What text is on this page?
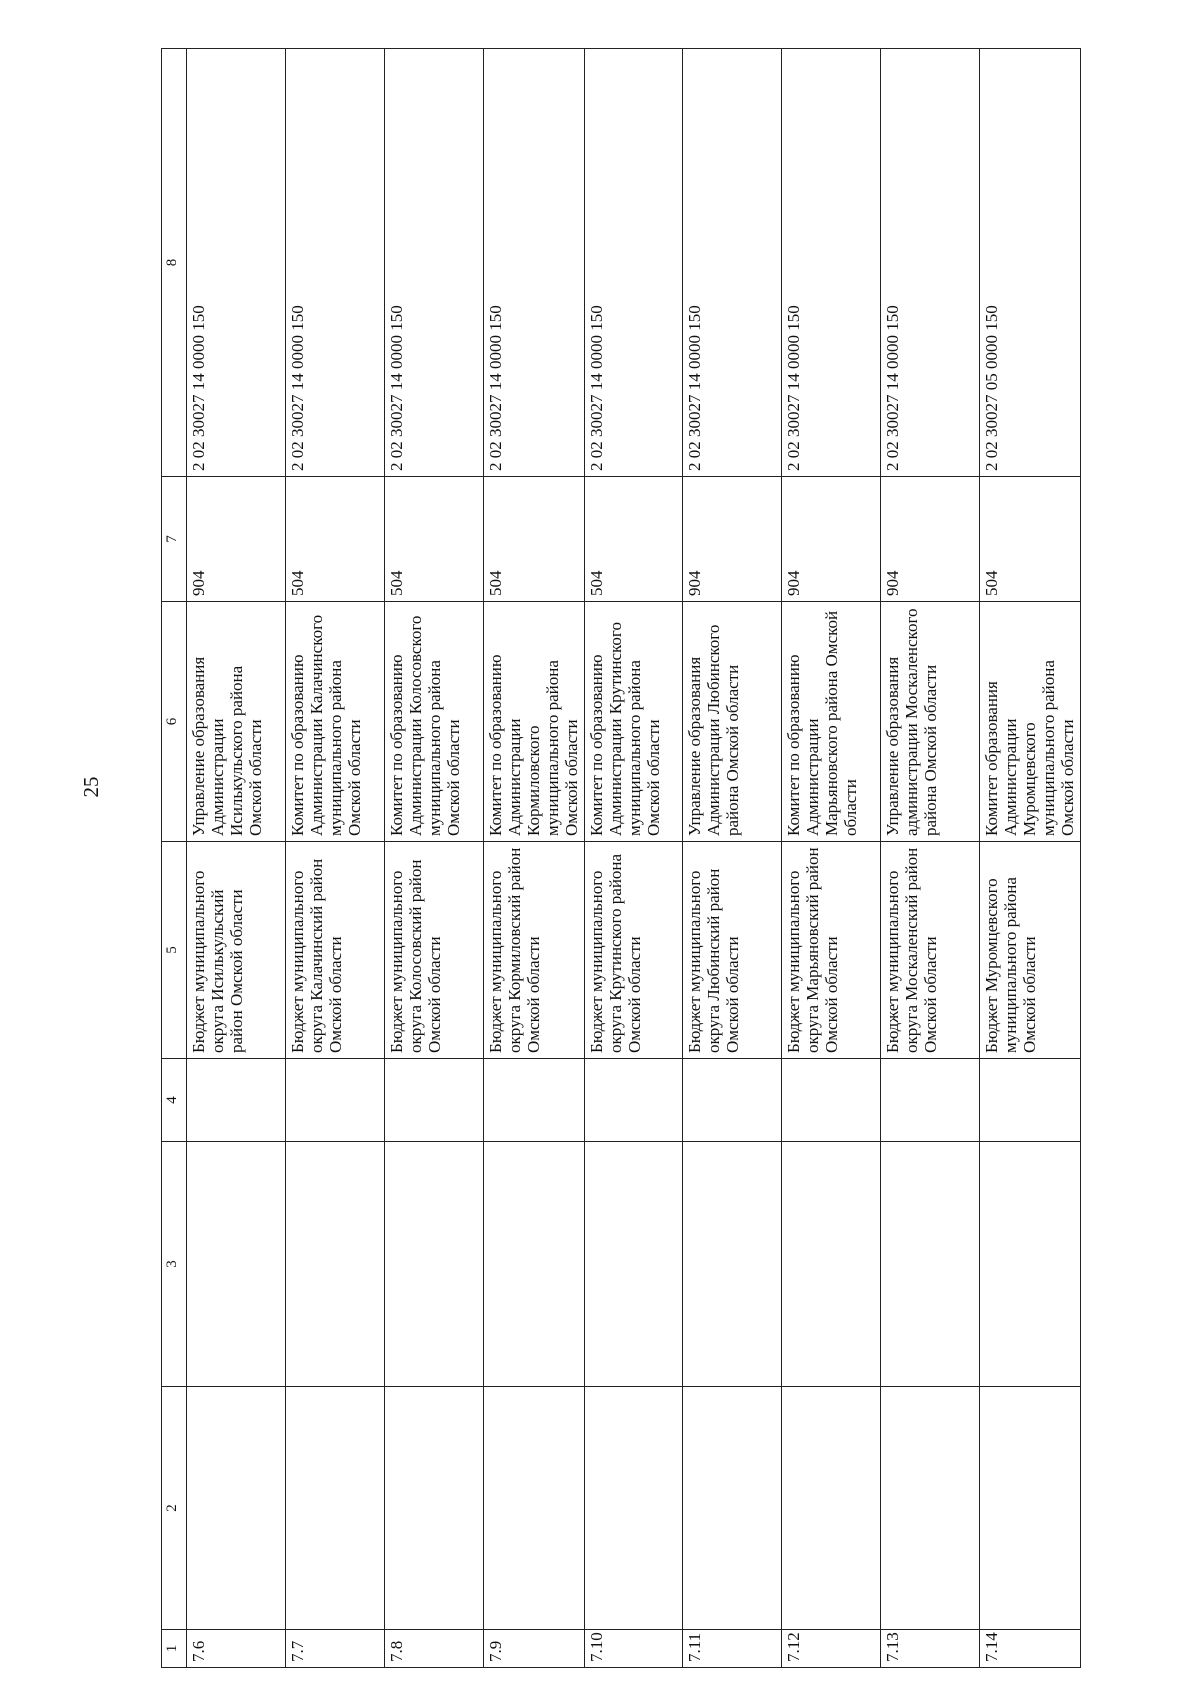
25
1	2	3	4	5	6	7	8
7.6				Бюджет муниципального округа Исилькульский район Омской области	Управление образования Администрации Исилькульского района Омской области	904	2 02 30027 14 0000 150
7.7				Бюджет муниципального округа Калачинский район Омской области	Комитет по образованию Администрации Калачинского муниципального района Омской области	504	2 02 30027 14 0000 150
7.8				Бюджет муниципального округа Колосовский район Омской области	Комитет по образованию Администрации Колосовского муниципального района Омской области	504	2 02 30027 14 0000 150
7.9				Бюджет муниципального округа Кормиловский район Омской области	Комитет по образованию Администрации Кормиловского муниципального района Омской области	504	2 02 30027 14 0000 150
7.10				Бюджет муниципального округа Крутинского района Омской области	Комитет по образованию Администрации Крутинского муниципального района Омской области	504	2 02 30027 14 0000 150
7.11				Бюджет муниципального округа Любинский район Омской области	Управление образования Администрации Любинского района Омской области	904	2 02 30027 14 0000 150
7.12				Бюджет муниципального округа Марьяновский район Омской области	Комитет по образованию Администрации Марьяновского района Омской области	904	2 02 30027 14 0000 150
7.13				Бюджет муниципального округа Москаленский район Омской области	Управление образования администрации Москаленского района Омской области	904	2 02 30027 14 0000 150
7.14				Бюджет Муромцевского муниципального района Омской области	Комитет образования Администрации Муромцевского муниципального района Омской области	504	2 02 30027 05 0000 150
